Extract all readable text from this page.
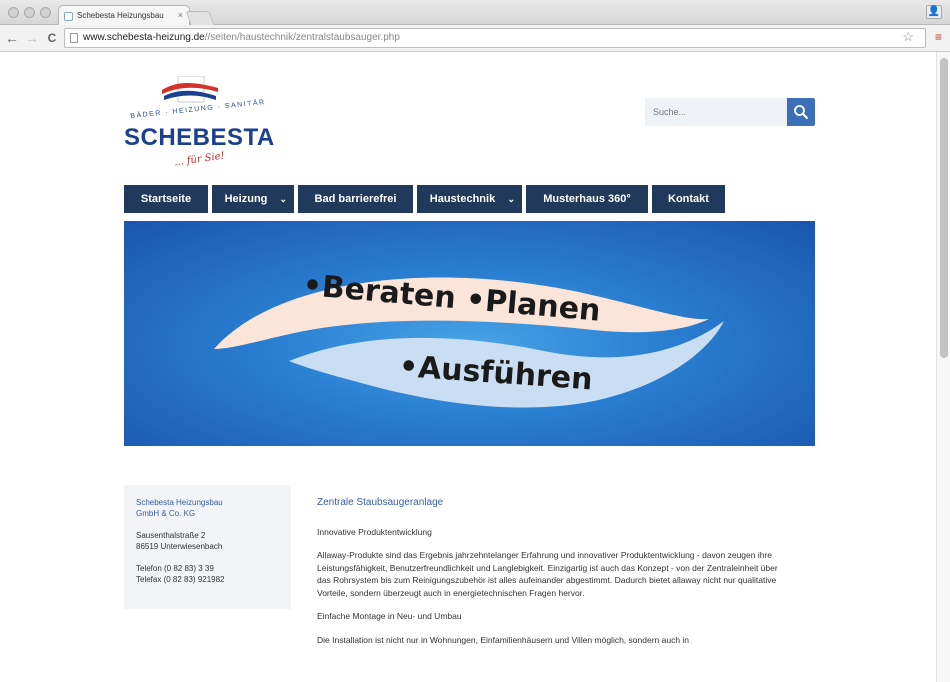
Schebesta Heizungsbau ×	👤
← → C	www.schebesta-heizung.de//seiten/haustechnik/zentralstaubsauger.php	☆ ≡
BÄDER · HEIZUNG · SANITÄR
SCHEBESTA
... für Sie!
Suche...
Startseite	Heizung ⌄	Bad barrierefrei	Haustechnik ⌄	Musterhaus 360°	Kontakt
•Beraten •Planen
•Ausführen

Schebesta Heizungsbau
GmbH & Co. KG

Sausenthalstraße 2
86519 Unterwiesenbach

Telefon (0 82 83) 3 39
Telefax (0 82 83) 921982

Zentrale Staubsaugeranlage

Innovative Produktentwicklung

Allaway-Produkte sind das Ergebnis jahrzehntelanger Erfahrung und innovativer Produktentwicklung - davon zeugen ihre Leistungsfähigkeit, Benutzerfreundlichkeit und Langlebigkeit. Einzigartig ist auch das Konzept - von der Zentraleinheit über das Rohrsystem bis zum Reinigungszubehör ist alles aufeinander abgestimmt. Dadurch bietet allaway nicht nur qualitative Vorteile, sondern überzeugt auch in energietechnischen Fragen hervor.

Einfache Montage in Neu- und Umbau

Die Installation ist nicht nur in Wohnungen, Einfamilienhäusern und Villen möglich, sondern auch in
